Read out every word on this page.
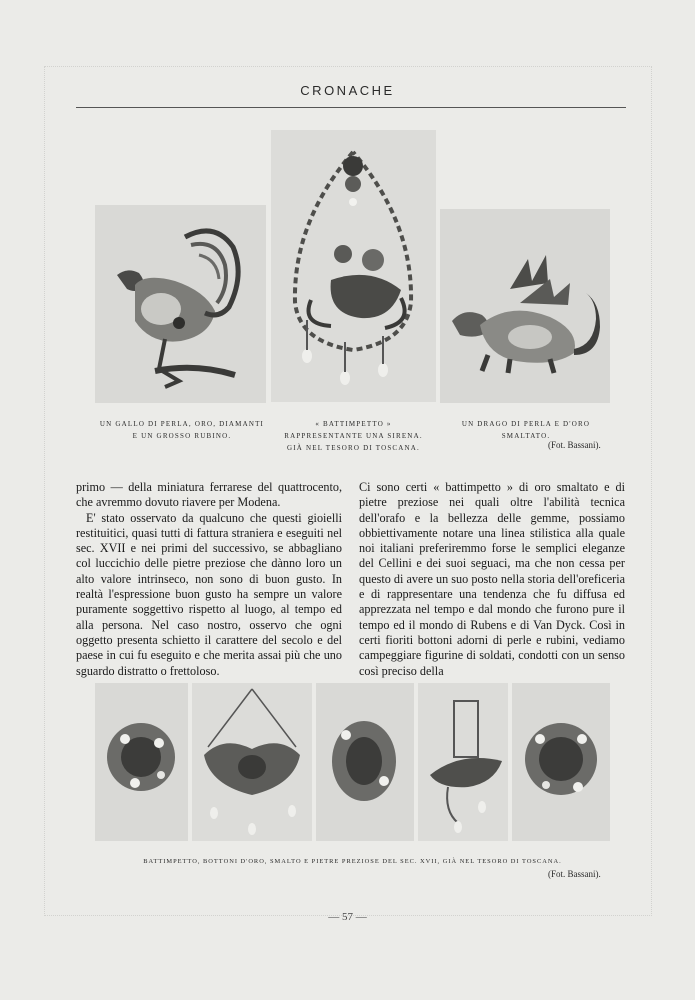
CRONACHE
UN GALLO DI PERLA, ORO, DIAMANTI
E UN GROSSO RUBINO.
« BATTIMPETTO »
RAPPRESENTANTE UNA SIRENA.
GIÀ NEL TESORO DI TOSCANA.
UN DRAGO DI PERLA E D'ORO SMALTATO.
(Fot. Bassani).

primo — della miniatura ferrarese del quattrocento, che avremmo dovuto riavere per Modena.

E' stato osservato da qualcuno che questi gioielli restituitici, quasi tutti di fattura straniera e eseguiti nel sec. XVII e nei primi del successivo, se abbagliano col luccichio delle pietre preziose che dànno loro un alto valore intrinseco, non sono di buon gusto. In realtà l'espressione buon gusto ha sempre un valore puramente soggettivo rispetto al luogo, al tempo ed alla persona. Nel caso nostro, osservo che ogni oggetto presenta schietto il carattere del secolo e del paese in cui fu eseguito e che merita assai più che uno sguardo distratto o frettoloso.

Ci sono certi « battimpetto » di oro smaltato e di pietre preziose nei quali oltre l'abilità tecnica dell'orafo e la bellezza delle gemme, possiamo obbiettivamente notare una linea stilistica alla quale noi italiani preferiremmo forse le semplici eleganze del Cellini e dei suoi seguaci, ma che non cessa per questo di avere un suo posto nella storia dell'oreficeria e di rappresentare una tendenza che fu diffusa ed apprezzata nel tempo e dal mondo che furono pure il tempo ed il mondo di Rubens e di Van Dyck. Così in certi fioriti bottoni adorni di perle e rubini, vediamo campeggiare figurine di soldati, condotti con un senso così preciso della

BATTIMPETTO, BOTTONI D'ORO, SMALTO E PIETRE PREZIOSE DEL SEC. XVII, GIÀ NEL TESORO DI TOSCANA.
(Fot. Bassani).
— 57 —
